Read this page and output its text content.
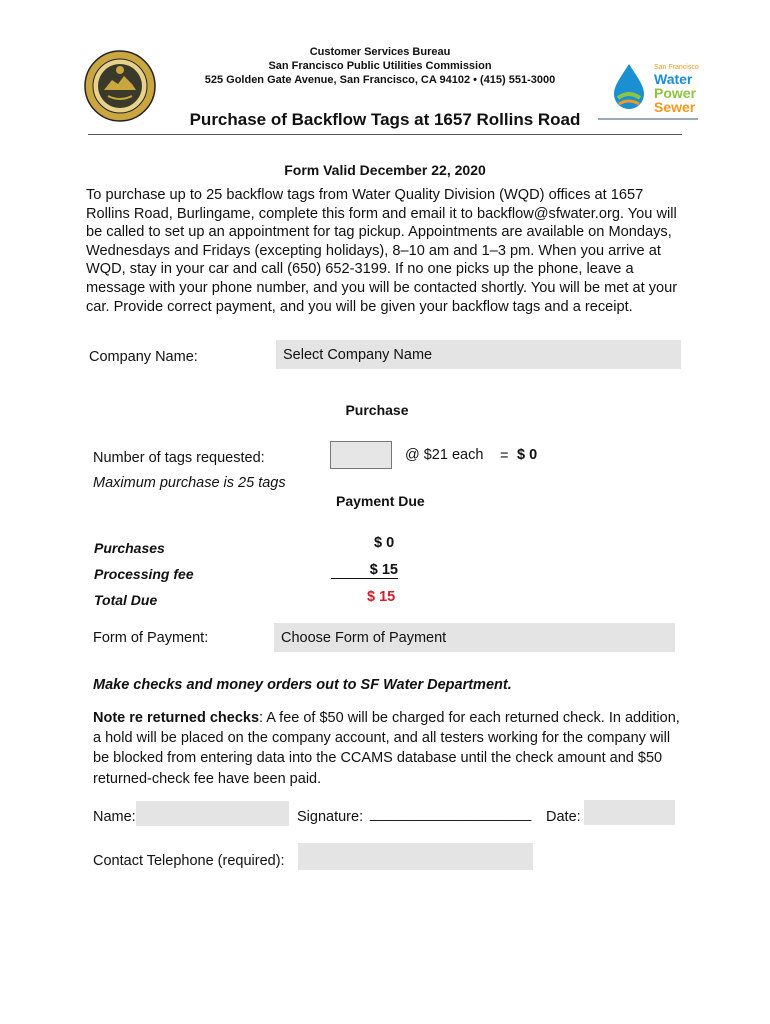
Customer Services Bureau
San Francisco Public Utilities Commission
525 Golden Gate Avenue, San Francisco, CA 94102 • (415) 551-3000
San Francisco
Water
Power
Sewer
Purchase of Backflow Tags at 1657 Rollins Road
Form Valid December 22, 2020
To purchase up to 25 backflow tags from Water Quality Division (WQD) offices at 1657 Rollins Road, Burlingame, complete this form and email it to backflow@sfwater.org. You will be called to set up an appointment for tag pickup. Appointments are available on Mondays, Wednesdays and Fridays (excepting holidays), 8–10 am and 1–3 pm. When you arrive at WQD, stay in your car and call (650) 652-3199. If no one picks up the phone, leave a message with your phone number, and you will be contacted shortly. You will be met at your car. Provide correct payment, and you will be given your backflow tags and a receipt.
Company Name:	Select Company Name
Purchase
Number of tags requested:	@ $21 each = $ 0
Maximum purchase is 25 tags
Payment Due
Purchases	$ 0
Processing fee	$ 15
Total Due	$ 15
Form of Payment:	Choose Form of Payment
Make checks and money orders out to SF Water Department.
Note re returned checks: A fee of $50 will be charged for each returned check. In addition, a hold will be placed on the company account, and all testers working for the company will be blocked from entering data into the CCAMS database until the check amount and $50 returned-check fee have been paid.
Name:	Signature: ____________________ Date:
Contact Telephone (required):
